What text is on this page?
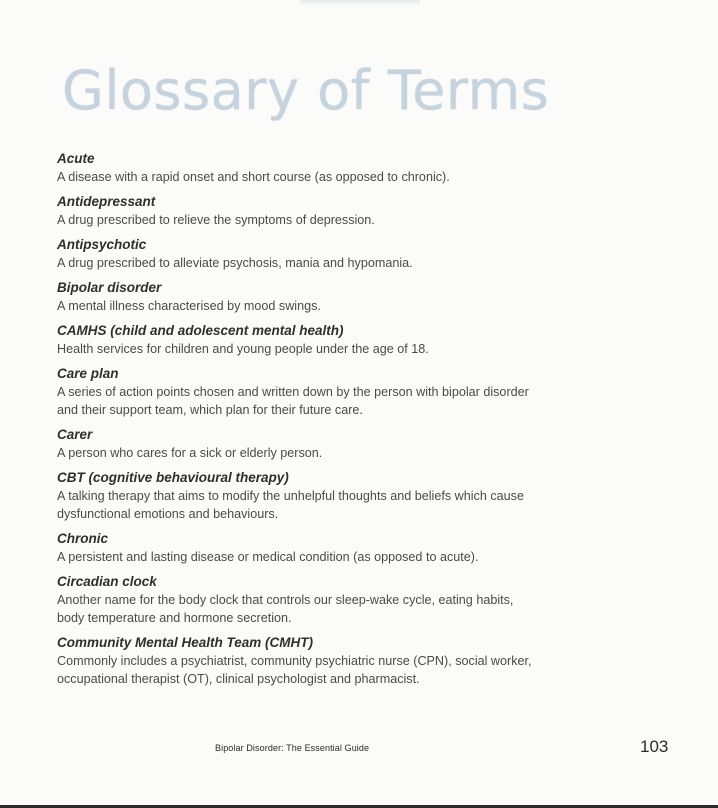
Glossary of Terms
Acute
A disease with a rapid onset and short course (as opposed to chronic).
Antidepressant
A drug prescribed to relieve the symptoms of depression.
Antipsychotic
A drug prescribed to alleviate psychosis, mania and hypomania.
Bipolar disorder
A mental illness characterised by mood swings.
CAMHS (child and adolescent mental health)
Health services for children and young people under the age of 18.
Care plan
A series of action points chosen and written down by the person with bipolar disorder and their support team, which plan for their future care.
Carer
A person who cares for a sick or elderly person.
CBT (cognitive behavioural therapy)
A talking therapy that aims to modify the unhelpful thoughts and beliefs which cause dysfunctional emotions and behaviours.
Chronic
A persistent and lasting disease or medical condition (as opposed to acute).
Circadian clock
Another name for the body clock that controls our sleep-wake cycle, eating habits, body temperature and hormone secretion.
Community Mental Health Team (CMHT)
Commonly includes a psychiatrist, community psychiatric nurse (CPN), social worker, occupational therapist (OT), clinical psychologist and pharmacist.
Bipolar Disorder: The Essential Guide	103
